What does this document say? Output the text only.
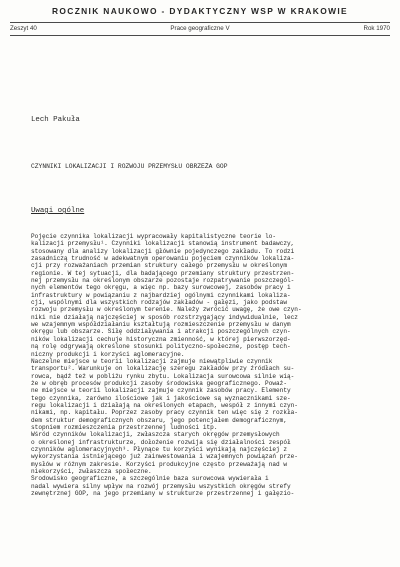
ROCZNIK NAUKOWO - DYDAKTYCZNY WSP W KRAKOWIE
Zeszyt 40	Prace geograficzne V	Rok 1970
Lech Pakuła
CZYNNIKI LOKALIZACJI I ROZWOJU PRZEMYSŁU OBRZEŻA GOP
Uwagi ogólne
Pojęcie czynnika lokalizacji wypracowały kapitalistyczne teorie lo-
kalizacji przemysłu¹. Czynniki lokalizacji stanowią instrument badawczy,
stosowany dla analizy lokalizacji głównie pojedynczego zakładu. To rodzi
zasadniczą trudność w adekwatnym operowaniu pojęciem czynników lokaliza-
cji przy rozważaniach przemian struktury całego przemysłu w określonym
regionie. W tej sytuacji, dla badającego przemiany struktury przestrzen-
nej przemysłu na określonym obszarze pozostaje rozpatrywanie poszczegól-
nych elementów tego okręgu, a więc np. bazy surowcowej, zasobów pracy i
infrastruktury w powiązaniu z najbardziej ogólnymi czynnikami lokaliza-
cji, wspólnymi dla wszystkich rodzajów zakładów - gałęzi, jako podstaw
rozwoju przemysłu w określonym terenie. Należy zwrócić uwagę, że owe czyn-
niki nie działają najczęściej w sposób rozstrzygający indywidualnie, lecz
we wzajemnym współdziałaniu kształtują rozmieszczenie przemysłu w danym
okręgu lub obszarze. Siłę oddziaływania i atrakcji poszczególnych czyn-
ników lokalizacji cechuje historyczna zmienność, w której pierwszorzęd-
ną rolę odgrywają określone stosunki polityczno-społeczne, postęp tech-
niczny produkcji i korzyści aglomeracyjne.
Naczelne miejsce w teorii lokalizacji zajmuje niewątpliwie czynnik
transportu². Warunkuje on lokalizację szeregu zakładów przy źródłach su-
rowca, bądź też w pobliżu rynku zbytu. Lokalizacja surowcowa silnie wią-
że w obręb procesów produkcji zasoby środowiska geograficznego. Poważ-
ne miejsce w teorii lokalizacji zajmuje czynnik zasobów pracy. Elementy
tego czynnika, zarówno ilościowe jak i jakościowe są wyznacznikami sze-
regu lokalizacji i działają na określonych etapach, wespół z innymi czyn-
nikami, np. kapitału. Poprzez zasoby pracy czynnik ten więc się z rozkła-
dem struktur demograficznych obszaru, jego potencjałem demograficznym,
stopniem rozmieszczenia przestrzennej ludności itp.
Wśród czynników lokalizacji, zwłaszcza starych okręgów przemysłowych
o określonej infrastrukturze, dołożenie rozwija się działalności zespół
czynników aglomeracyjnych³. Płynące tu korzyści wynikają najczęściej z
wykorzystania istniejącego już zainwestowania i wzajemnych powiązań prze-
mysłów w różnym zakresie. Korzyści produkcyjne często przeważają nad w
niekorzyści, zwłaszcza społeczne.
Środowisko geograficzne, a szczególnie baza surowcowa wywierała i
nadal wywiera silny wpływ na rozwój przemysłu wszystkich okręgów strefy
zewnętrznej GOP, na jego przemiany w strukturze przestrzennej i gałęzio-
